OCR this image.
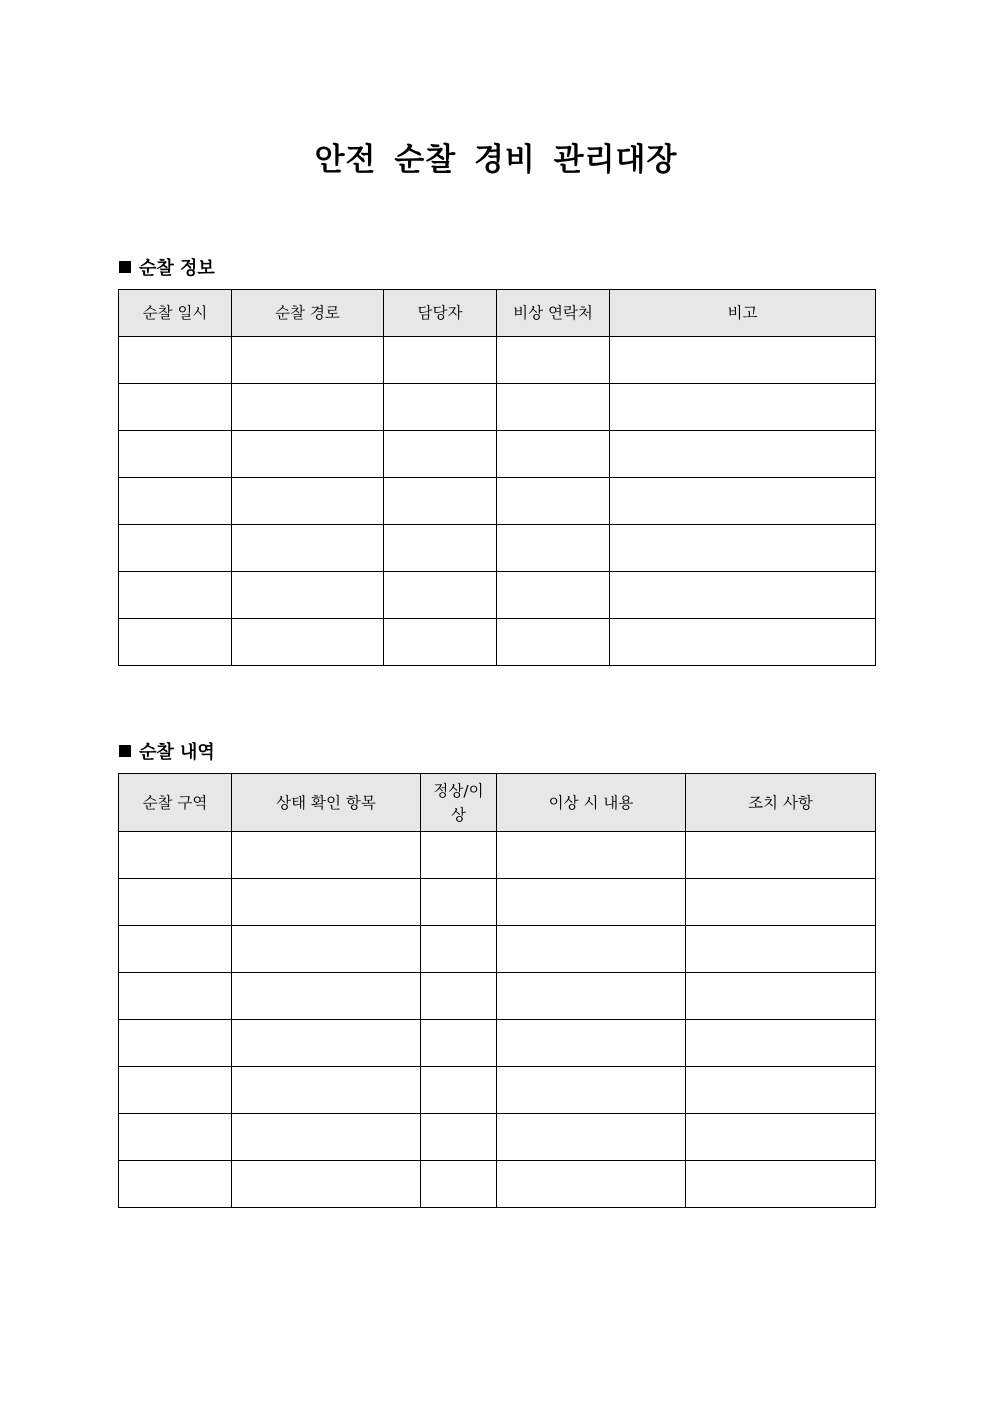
안전 순찰 경비 관리대장
순찰 정보
순찰 일시	순찰 경로	담당자	비상 연락처	비고

순찰 내역
순찰 구역	상태 확인 항목	정상/이상	이상 시 내용	조치 사항
